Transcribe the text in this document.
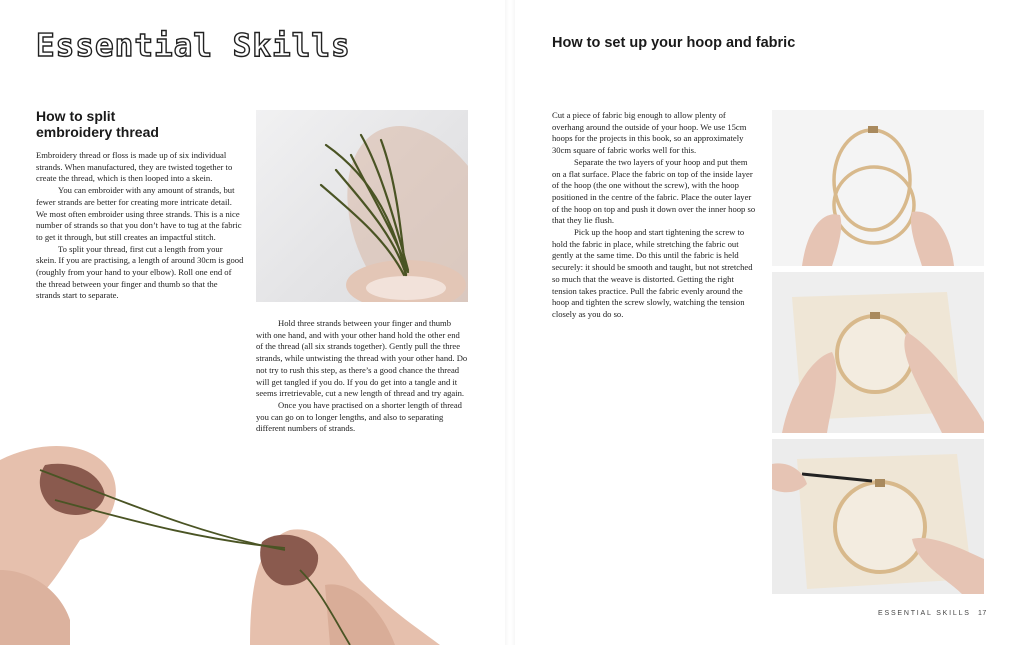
Essential Skills
How to split
embroidery thread

Embroidery thread or floss is made up of six individual strands. When manufactured, they are twisted together to create the thread, which is then looped into a skein.

You can embroider with any amount of strands, but fewer strands are better for creating more intricate detail. We most often embroider using three strands. This is a nice number of strands so that you don’t have to tug at the fabric to get it through, but still creates an impactful stitch.

To split your thread, first cut a length from your skein. If you are practising, a length of around 30cm is good (roughly from your hand to your elbow). Roll one end of the thread between your finger and thumb so that the strands start to separate.

Hold three strands between your finger and thumb with one hand, and with your other hand hold the other end of the thread (all six strands together). Gently pull the three strands, while untwisting the thread with your other hand. Do not try to rush this step, as there’s a good chance the thread will get tangled if you do. If you do get into a tangle and it seems irretrievable, cut a new length of thread and try again.

Once you have practised on a shorter length of thread you can go on to longer lengths, and also to separating different numbers of strands.

How to set up your hoop and fabric

Cut a piece of fabric big enough to allow plenty of overhang around the outside of your hoop. We use 15cm hoops for the projects in this book, so an approximately 30cm square of fabric works well for this.

Separate the two layers of your hoop and put them on a flat surface. Place the fabric on top of the inside layer of the hoop (the one without the screw), with the hoop positioned in the centre of the fabric. Place the outer layer of the hoop on top and push it down over the inner hoop so that they lie flush.

Pick up the hoop and start tightening the screw to hold the fabric in place, while stretching the fabric out gently at the same time. Do this until the fabric is held securely: it should be smooth and taught, but not stretched so much that the weave is distorted. Getting the right tension takes practice. Pull the fabric evenly around the hoop and tighten the screw slowly, watching the tension closely as you do so.

ESSENTIAL SKILLS 17
